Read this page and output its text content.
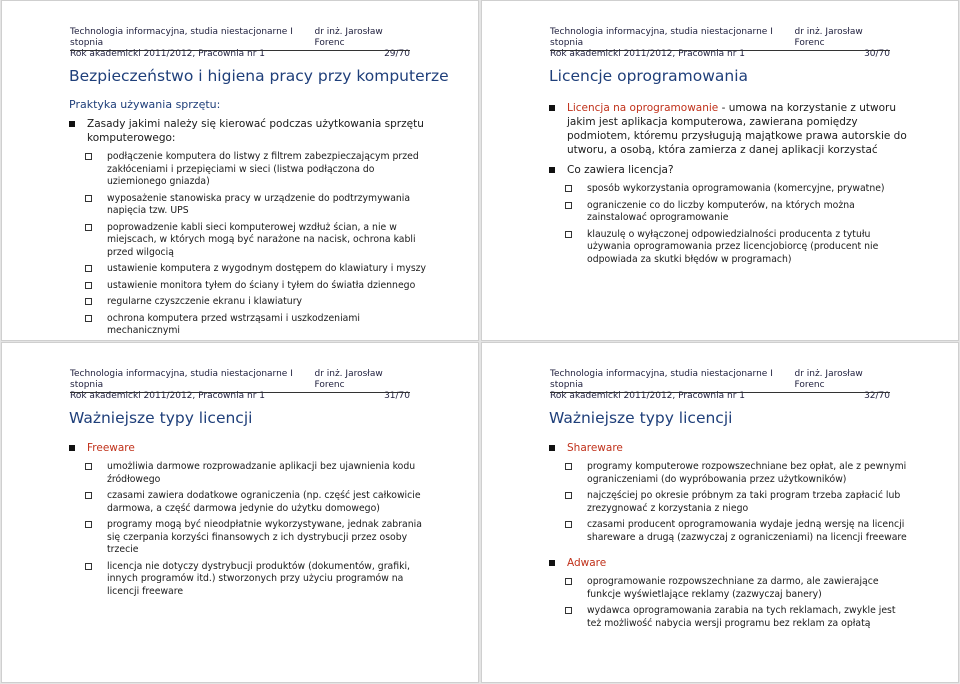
Technologia informacyjna, studia niestacjonarne I stopnia
dr inż. Jarosław Forenc
Rok akademicki 2011/2012, Pracownia nr 1	29/70
Bezpieczeństwo i higiena pracy przy komputerze
Praktyka używania sprzętu:
Zasady jakimi należy się kierować podczas użytkowania sprzętu komputerowego:
podłączenie komputera do listwy z filtrem zabezpieczającym przed zakłóceniami i przepięciami w sieci (listwa podłączona do uziemionego gniazda)
wyposażenie stanowiska pracy w urządzenie do podtrzymywania napięcia tzw. UPS
poprowadzenie kabli sieci komputerowej wzdłuż ścian, a nie w miejscach, w których mogą być narażone na nacisk, ochrona kabli przed wilgocią
ustawienie komputera z wygodnym dostępem do klawiatury i myszy
ustawienie monitora tyłem do ściany i tyłem do światła dziennego
regularne czyszczenie ekranu i klawiatury
ochrona komputera przed wstrząsami i uszkodzeniami mechanicznymi
Technologia informacyjna, studia niestacjonarne I stopnia
dr inż. Jarosław Forenc
Rok akademicki 2011/2012, Pracownia nr 1	30/70
Licencje oprogramowania
Licencja na oprogramowanie - umowa na korzystanie z utworu jakim jest aplikacja komputerowa, zawierana pomiędzy podmiotem, któremu przysługują majątkowe prawa autorskie do utworu, a osobą, która zamierza z danej aplikacji korzystać
Co zawiera licencja?
sposób wykorzystania oprogramowania (komercyjne, prywatne)
ograniczenie co do liczby komputerów, na których można zainstalować oprogramowanie
klauzulę o wyłączonej odpowiedzialności producenta z tytułu używania oprogramowania przez licencjobiorcę (producent nie odpowiada za skutki błędów w programach)
Technologia informacyjna, studia niestacjonarne I stopnia
dr inż. Jarosław Forenc
Rok akademicki 2011/2012, Pracownia nr 1	31/70
Ważniejsze typy licencji
Freeware
umożliwia darmowe rozprowadzanie aplikacji bez ujawnienia kodu źródłowego
czasami zawiera dodatkowe ograniczenia (np. część jest całkowicie darmowa, a część darmowa jedynie do użytku domowego)
programy mogą być nieodpłatnie wykorzystywane, jednak zabrania się czerpania korzyści finansowych z ich dystrybucji przez osoby trzecie
licencja nie dotyczy dystrybucji produktów (dokumentów, grafiki, innych programów itd.) stworzonych przy użyciu programów na licencji freeware
Technologia informacyjna, studia niestacjonarne I stopnia
dr inż. Jarosław Forenc
Rok akademicki 2011/2012, Pracownia nr 1	32/70
Ważniejsze typy licencji
Shareware
programy komputerowe rozpowszechniane bez opłat, ale z pewnymi ograniczeniami (do wypróbowania przez użytkowników)
najczęściej po okresie próbnym za taki program trzeba zapłacić lub zrezygnować z korzystania z niego
czasami producent oprogramowania wydaje jedną wersję na licencji shareware a drugą (zazwyczaj z ograniczeniami) na licencji freeware
Adware
oprogramowanie rozpowszechniane za darmo, ale zawierające funkcje wyświetlające reklamy (zazwyczaj banery)
wydawca oprogramowania zarabia na tych reklamach, zwykle jest też możliwość nabycia wersji programu bez reklam za opłatą
